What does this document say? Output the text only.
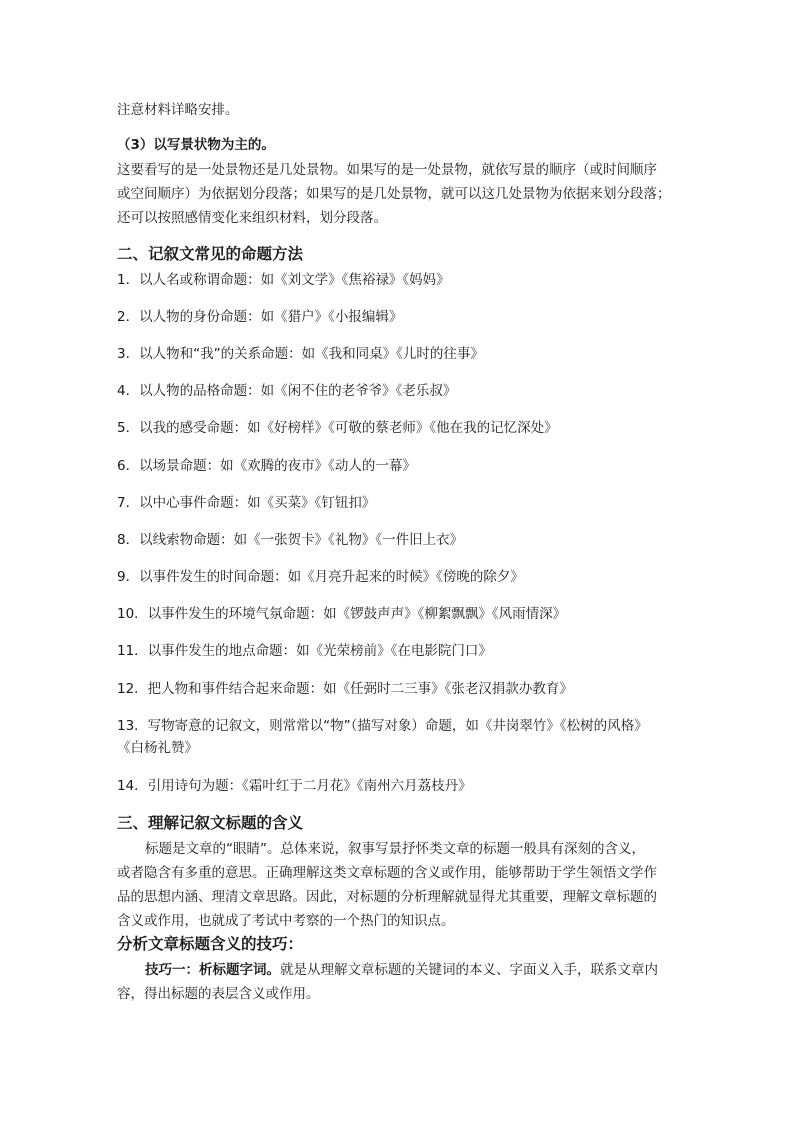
注意材料详略安排。
（3）以写景状物为主的。
这要看写的是一处景物还是几处景物。如果写的是一处景物，就依写景的顺序（或时间顺序
或空间顺序）为依据划分段落；如果写的是几处景物，就可以这几处景物为依据来划分段落；
还可以按照感情变化来组织材料，划分段落。
二、记叙文常见的命题方法
1．以人名或称谓命题：如《刘文学》《焦裕禄》《妈妈》
2．以人物的身份命题：如《猎户》《小报编辑》
3．以人物和“我”的关系命题：如《我和同桌》《儿时的往事》
4．以人物的品格命题：如《闲不住的老爷爷》《老乐叔》
5．以我的感受命题：如《好榜样》《可敬的蔡老师》《他在我的记忆深处》
6．以场景命题：如《欢腾的夜市》《动人的一幕》
7．以中心事件命题：如《买菜》《钉钮扣》
8．以线索物命题：如《一张贺卡》《礼物》《一件旧上衣》
9．以事件发生的时间命题：如《月亮升起来的时候》《傍晚的除夕》
10．以事件发生的环境气氛命题：如《锣鼓声声》《柳絮飘飘》《风雨情深》
11．以事件发生的地点命题：如《光荣榜前》《在电影院门口》
12．把人物和事件结合起来命题：如《任弼时二三事》《张老汉捐款办教育》
13．写物寄意的记叙文，则常常以“物”（描写对象）命题，如《井岗翠竹》《松树的风格》
《白杨礼赞》
14．引用诗句为题：《霜叶红于二月花》《南州六月荔枝丹》
三、理解记叙文标题的含义
标题是文章的“眼睛”。总体来说，叙事写景抒怀类文章的标题一般具有深刻的含义，
或者隐含有多重的意思。正确理解这类文章标题的含义或作用，能够帮助于学生领悟文学作
品的思想内涵、理清文章思路。因此，对标题的分析理解就显得尤其重要，理解文章标题的
含义或作用，也就成了考试中考察的一个热门的知识点。
分析文章标题含义的技巧：
技巧一：析标题字词。就是从理解文章标题的关键词的本义、字面义入手，联系文章内
容，得出标题的表层含义或作用。
